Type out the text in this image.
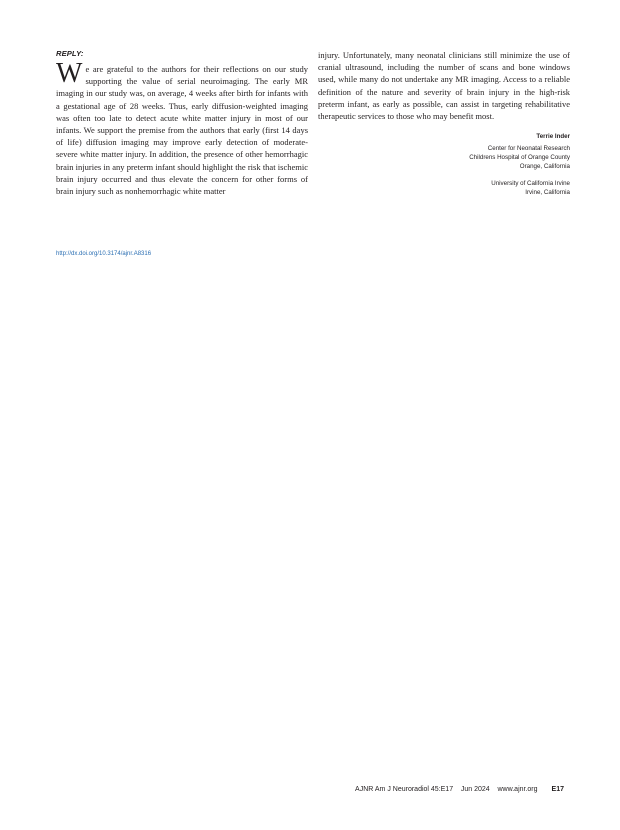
REPLY:

We are grateful to the authors for their reflections on our study supporting the value of serial neuroimaging. The early MR imaging in our study was, on average, 4 weeks after birth for infants with a gestational age of 28 weeks. Thus, early diffusion-weighted imaging was often too late to detect acute white matter injury in most of our infants. We support the premise from the authors that early (first 14 days of life) diffusion imaging may improve early detection of moderate-severe white matter injury. In addition, the presence of other hemorrhagic brain injuries in any preterm infant should highlight the risk that ischemic brain injury occurred and thus elevate the concern for other forms of brain injury such as nonhemorrhagic white matter

injury. Unfortunately, many neonatal clinicians still minimize the use of cranial ultrasound, including the number of scans and bone windows used, while many do not undertake any MR imaging. Access to a reliable definition of the nature and severity of brain injury in the high-risk preterm infant, as early as possible, can assist in targeting rehabilitative therapeutic services to those who may benefit most.

Terrie Inder
Center for Neonatal Research
Childrens Hospital of Orange County
Orange, California
University of California Irvine
Irvine, California
http://dx.doi.org/10.3174/ajnr.A8316
AJNR Am J Neuroradiol 45:E17    Jun 2024    www.ajnr.org E17
